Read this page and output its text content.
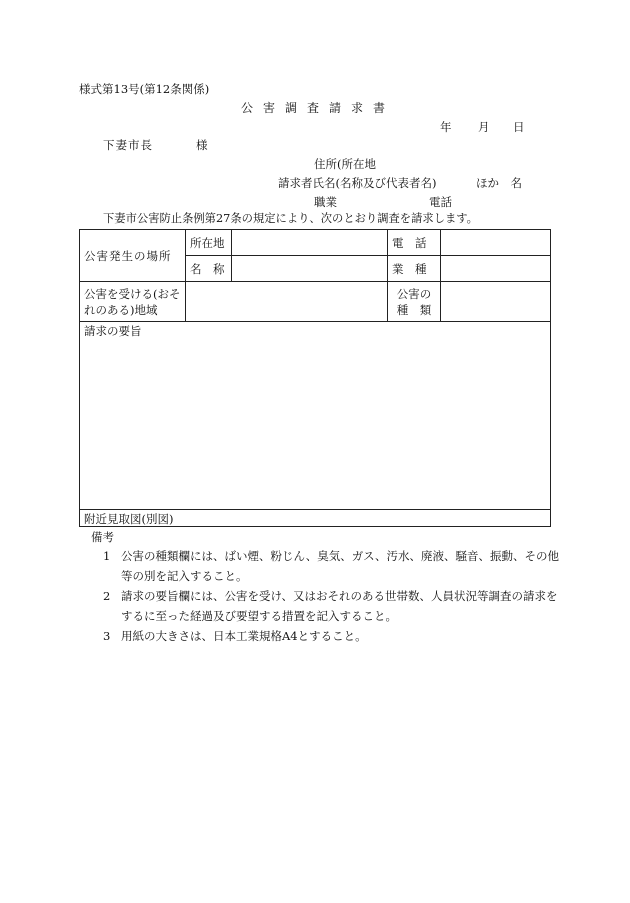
様式第13号(第12条関係)
公害調査請求書
年 月 日
下妻市長	様
住所(所在地
請求者氏名(名称及び代表者名)	ほか　名
職業	電話
下妻市公害防止条例第27条の規定により、次のとおり調査を請求します。
公害発生の場所	所在地		電　話	
	名　称		業　種	
公害を受ける(おそれのある)地域			公害の
種　類	

請求の要旨				
附近見取図(別図)				
備考
1 公害の種類欄には、ばい煙、粉じん、臭気、ガス、汚水、廃液、騒音、振動、その他等の別を記入すること。
2 請求の要旨欄には、公害を受け、又はおそれのある世帯数、人員状況等調査の請求をするに至った経過及び要望する措置を記入すること。
3 用紙の大きさは、日本工業規格A4とすること。
